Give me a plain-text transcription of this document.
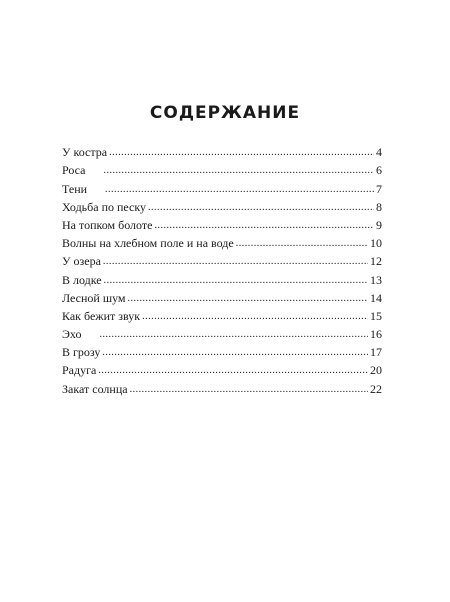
СОДЕРЖАНИЕ
У костра .....	4
Роса .....	6
Тени .....	7
Ходьба по песку .....	8
На топком болоте .....	9
Волны на хлебном поле и на воде .....	10
У озера .....	12
В лодке .....	13
Лесной шум .....	14
Как бежит звук .....	15
Эхо .....	16
В грозу .....	17
Радуга .....	20
Закат солнца .....	22
